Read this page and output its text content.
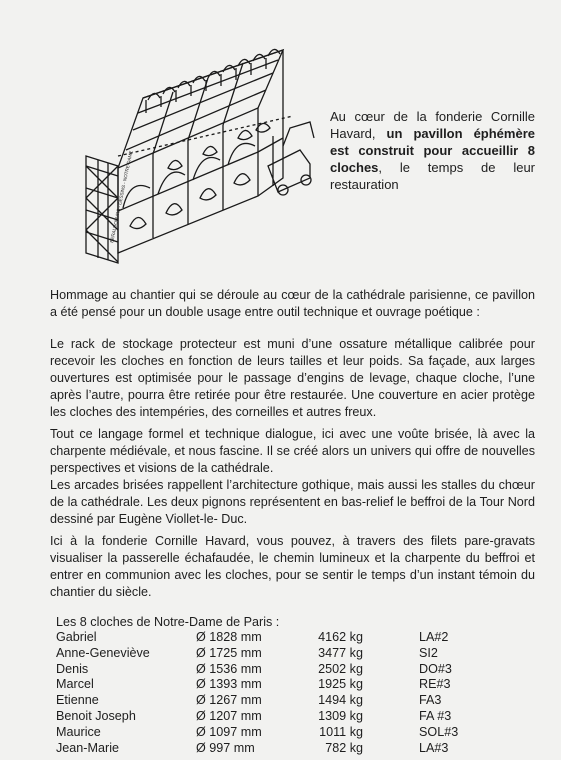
BERALDODVRS - DESSINS - NOTRE-DAME
Au cœur de la fonderie Cornille Havard, un pavillon éphémère est construit pour accueillir 8 cloches, le temps de leur restauration

Hommage au chantier qui se déroule au cœur de la cathédrale parisienne, ce pavillon a été pensé pour un double usage entre outil technique et ouvrage poétique :

Le rack de stockage protecteur est muni d’une ossature métallique calibrée pour recevoir les cloches en fonction de leurs tailles et leur poids. Sa façade, aux larges ouvertures est optimisée pour le passage d’engins de levage, chaque cloche, l’une après l’autre, pourra être retirée pour être restaurée. Une couverture en acier protège les cloches des intempéries, des corneilles et autres freux.

Tout ce langage formel et technique dialogue, ici avec une voûte brisée, là avec la charpente médiévale, et nous fascine. Il se créé alors un univers qui offre de nouvelles perspectives et visions de la cathédrale.

Les arcades brisées rappellent l’architecture gothique, mais aussi les stalles du chœur de la cathédrale. Les deux pignons représentent en bas-relief le beffroi de la Tour Nord dessiné par Eugène Viollet-le- Duc.

Ici à la fonderie Cornille Havard, vous pouvez, à travers des filets pare-gravats visualiser la passerelle échafaudée, le chemin lumineux et la charpente du beffroi et entrer en communion avec les cloches, pour se sentir le temps d’un instant témoin du chantier du siècle.

Les 8 cloches de Notre-Dame de Paris :
Gabriel	Ø 1828 mm	4162 kg		LA#2
Anne-Geneviève	Ø 1725 mm	3477 kg		SI2
Denis	Ø 1536 mm	2502 kg		DO#3
Marcel	Ø 1393 mm	1925 kg		RE#3
Etienne	Ø 1267 mm	1494 kg		FA3
Benoit Joseph	Ø 1207 mm	1309 kg		FA #3
Maurice	Ø 1097 mm	1011 kg		SOL#3
Jean-Marie	Ø 997 mm	782 kg		LA#3
